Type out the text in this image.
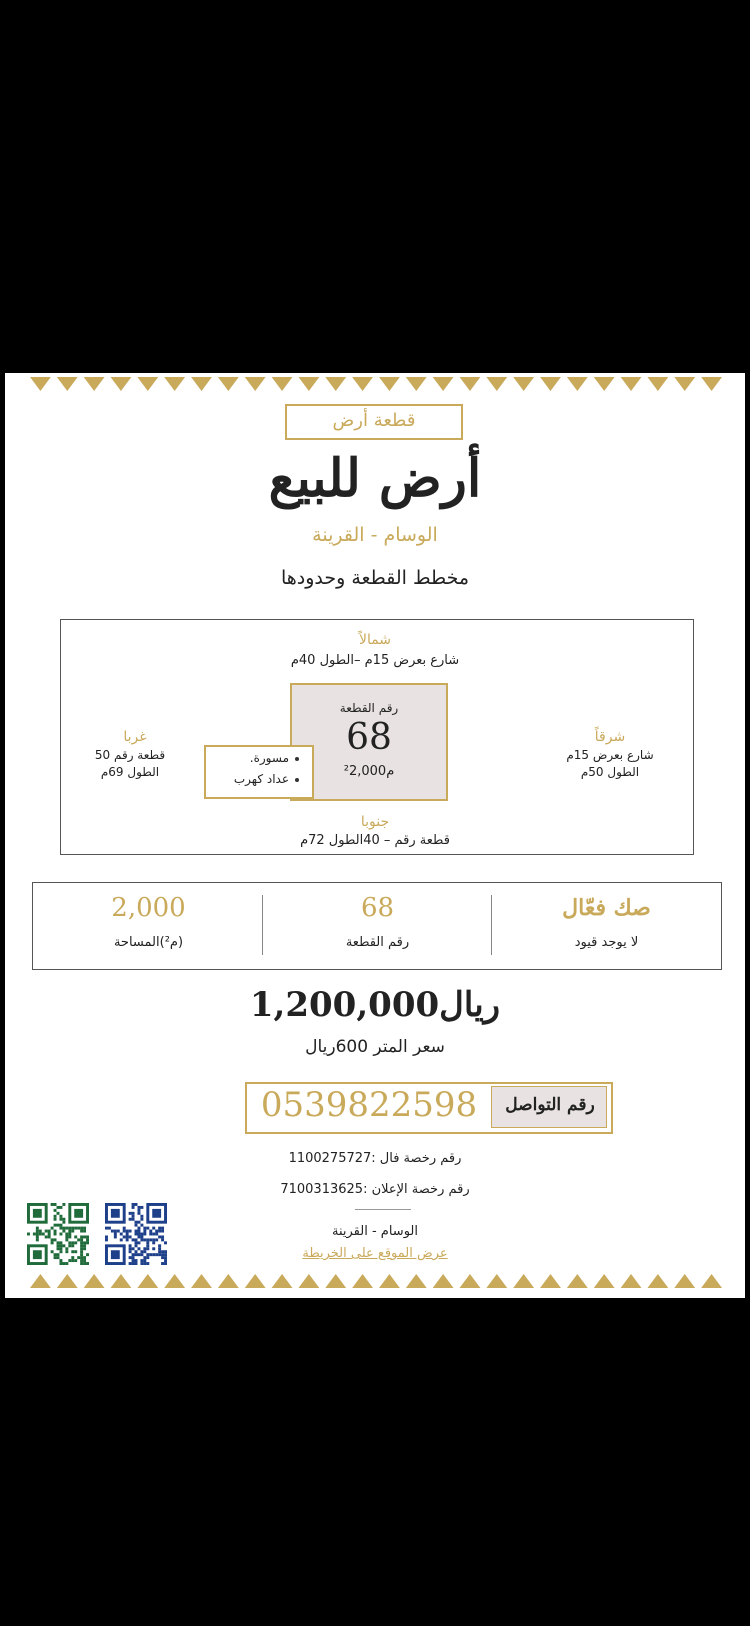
قطعة أرض
أرض للبيع
الوسام - القرينة
مخطط القطعة وحدودها
شمالاً
شارع بعرض 15م –الطول 40م
رقم القطعة
68
م²2,000
مسورة.
عداد كهرب
غربا
قطعة رقم 50
الطول 69م
شرقاً
شارع بعرض 15م
الطول 50م
جنوبا
قطعة رقم – 40الطول 72م
صك فعّال
لا يوجد قيود
68
رقم القطعة
2,000
(م²)المساحة
1,200,000ريال
سعر المتر 600ريال
رقم التواصل
0539822598
رقم رخصة فال :1100275727
رقم رخصة الإعلان :7100313625
الوسام - القرينة
عرض الموقع على الخريطة
